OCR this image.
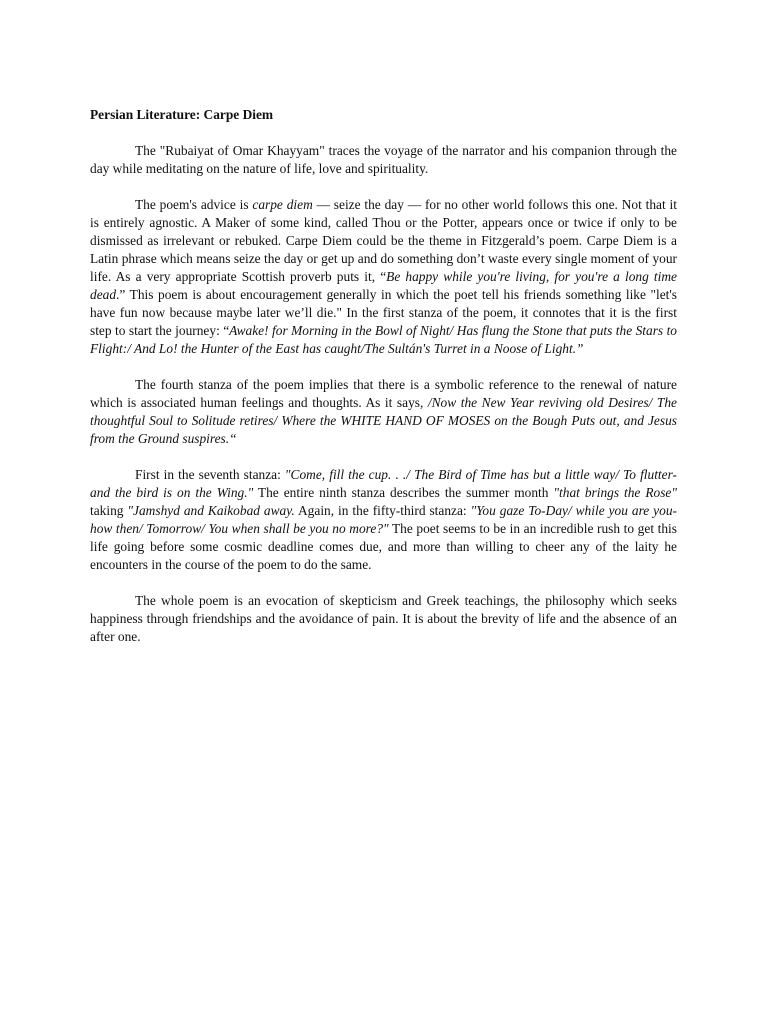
Persian Literature: Carpe Diem

The "Rubaiyat of Omar Khayyam" traces the voyage of the narrator and his companion through the day while meditating on the nature of life, love and spirituality.

The poem's advice is carpe diem — seize the day — for no other world follows this one. Not that it is entirely agnostic. A Maker of some kind, called Thou or the Potter, appears once or twice if only to be dismissed as irrelevant or rebuked. Carpe Diem could be the theme in Fitzgerald’s poem. Carpe Diem is a Latin phrase which means seize the day or get up and do something don’t waste every single moment of your life. As a very appropriate Scottish proverb puts it, “Be happy while you're living, for you're a long time dead.” This poem is about encouragement generally in which the poet tell his friends something like "let's have fun now because maybe later we’ll die." In the first stanza of the poem, it connotes that it is the first step to start the journey: “Awake! for Morning in the Bowl of Night/ Has flung the Stone that puts the Stars to Flight:/ And Lo! the Hunter of the East has caught/The Sultán's Turret in a Noose of Light.”

The fourth stanza of the poem implies that there is a symbolic reference to the renewal of nature which is associated human feelings and thoughts. As it says, /Now the New Year reviving old Desires/ The thoughtful Soul to Solitude retires/ Where the WHITE HAND OF MOSES on the Bough Puts out, and Jesus from the Ground suspires.“

First in the seventh stanza: "Come, fill the cup. . ./ The Bird of Time has but a little way/ To flutter-and the bird is on the Wing." The entire ninth stanza describes the summer month "that brings the Rose" taking "Jamshyd and Kaikobad away. Again, in the fifty-third stanza: "You gaze To-Day/ while you are you-how then/ Tomorrow/ You when shall be you no more?" The poet seems to be in an incredible rush to get this life going before some cosmic deadline comes due, and more than willing to cheer any of the laity he encounters in the course of the poem to do the same.

The whole poem is an evocation of skepticism and Greek teachings, the philosophy which seeks happiness through friendships and the avoidance of pain. It is about the brevity of life and the absence of an after one.
